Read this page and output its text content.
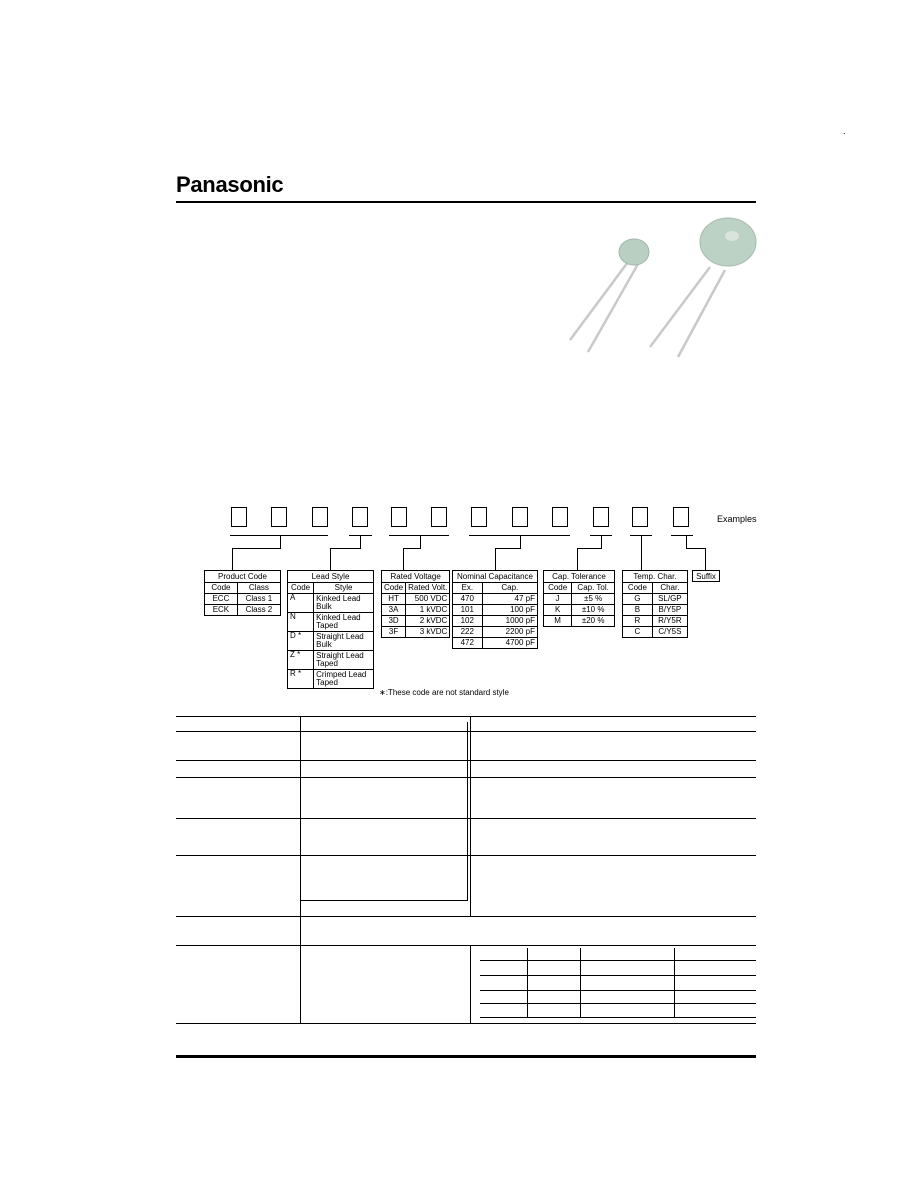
.
Panasonic
Examples
Product Code	
Code	Class
ECC	Class 1
ECK	Class 2
Lead Style	
Code	Style
A	Kinked Lead
Bulk

N	Kinked Lead
Taped

D *	Straight Lead
Bulk

Z *	Straight Lead
Taped

R *	Crimped Lead
Taped
Rated Voltage	
Code	Rated Volt.
HT	500 VDC
3A	1 kVDC
3D	2 kVDC
3F	3 kVDC
Nominal Capacitance	
Ex.	Cap.
470	47 pF
101	100 pF
102	1000 pF
222	2200 pF
472	4700 pF
Cap. Tolerance	
Code	Cap. Tol.
J	±5 %
K	±10 %
M	±20 %
Temp. Char.	
Code	Char.
G	SL/GP
B	B/Y5P
R	R/Y5R
C	C/Y5S
Suffix
∗:These code are not standard style
